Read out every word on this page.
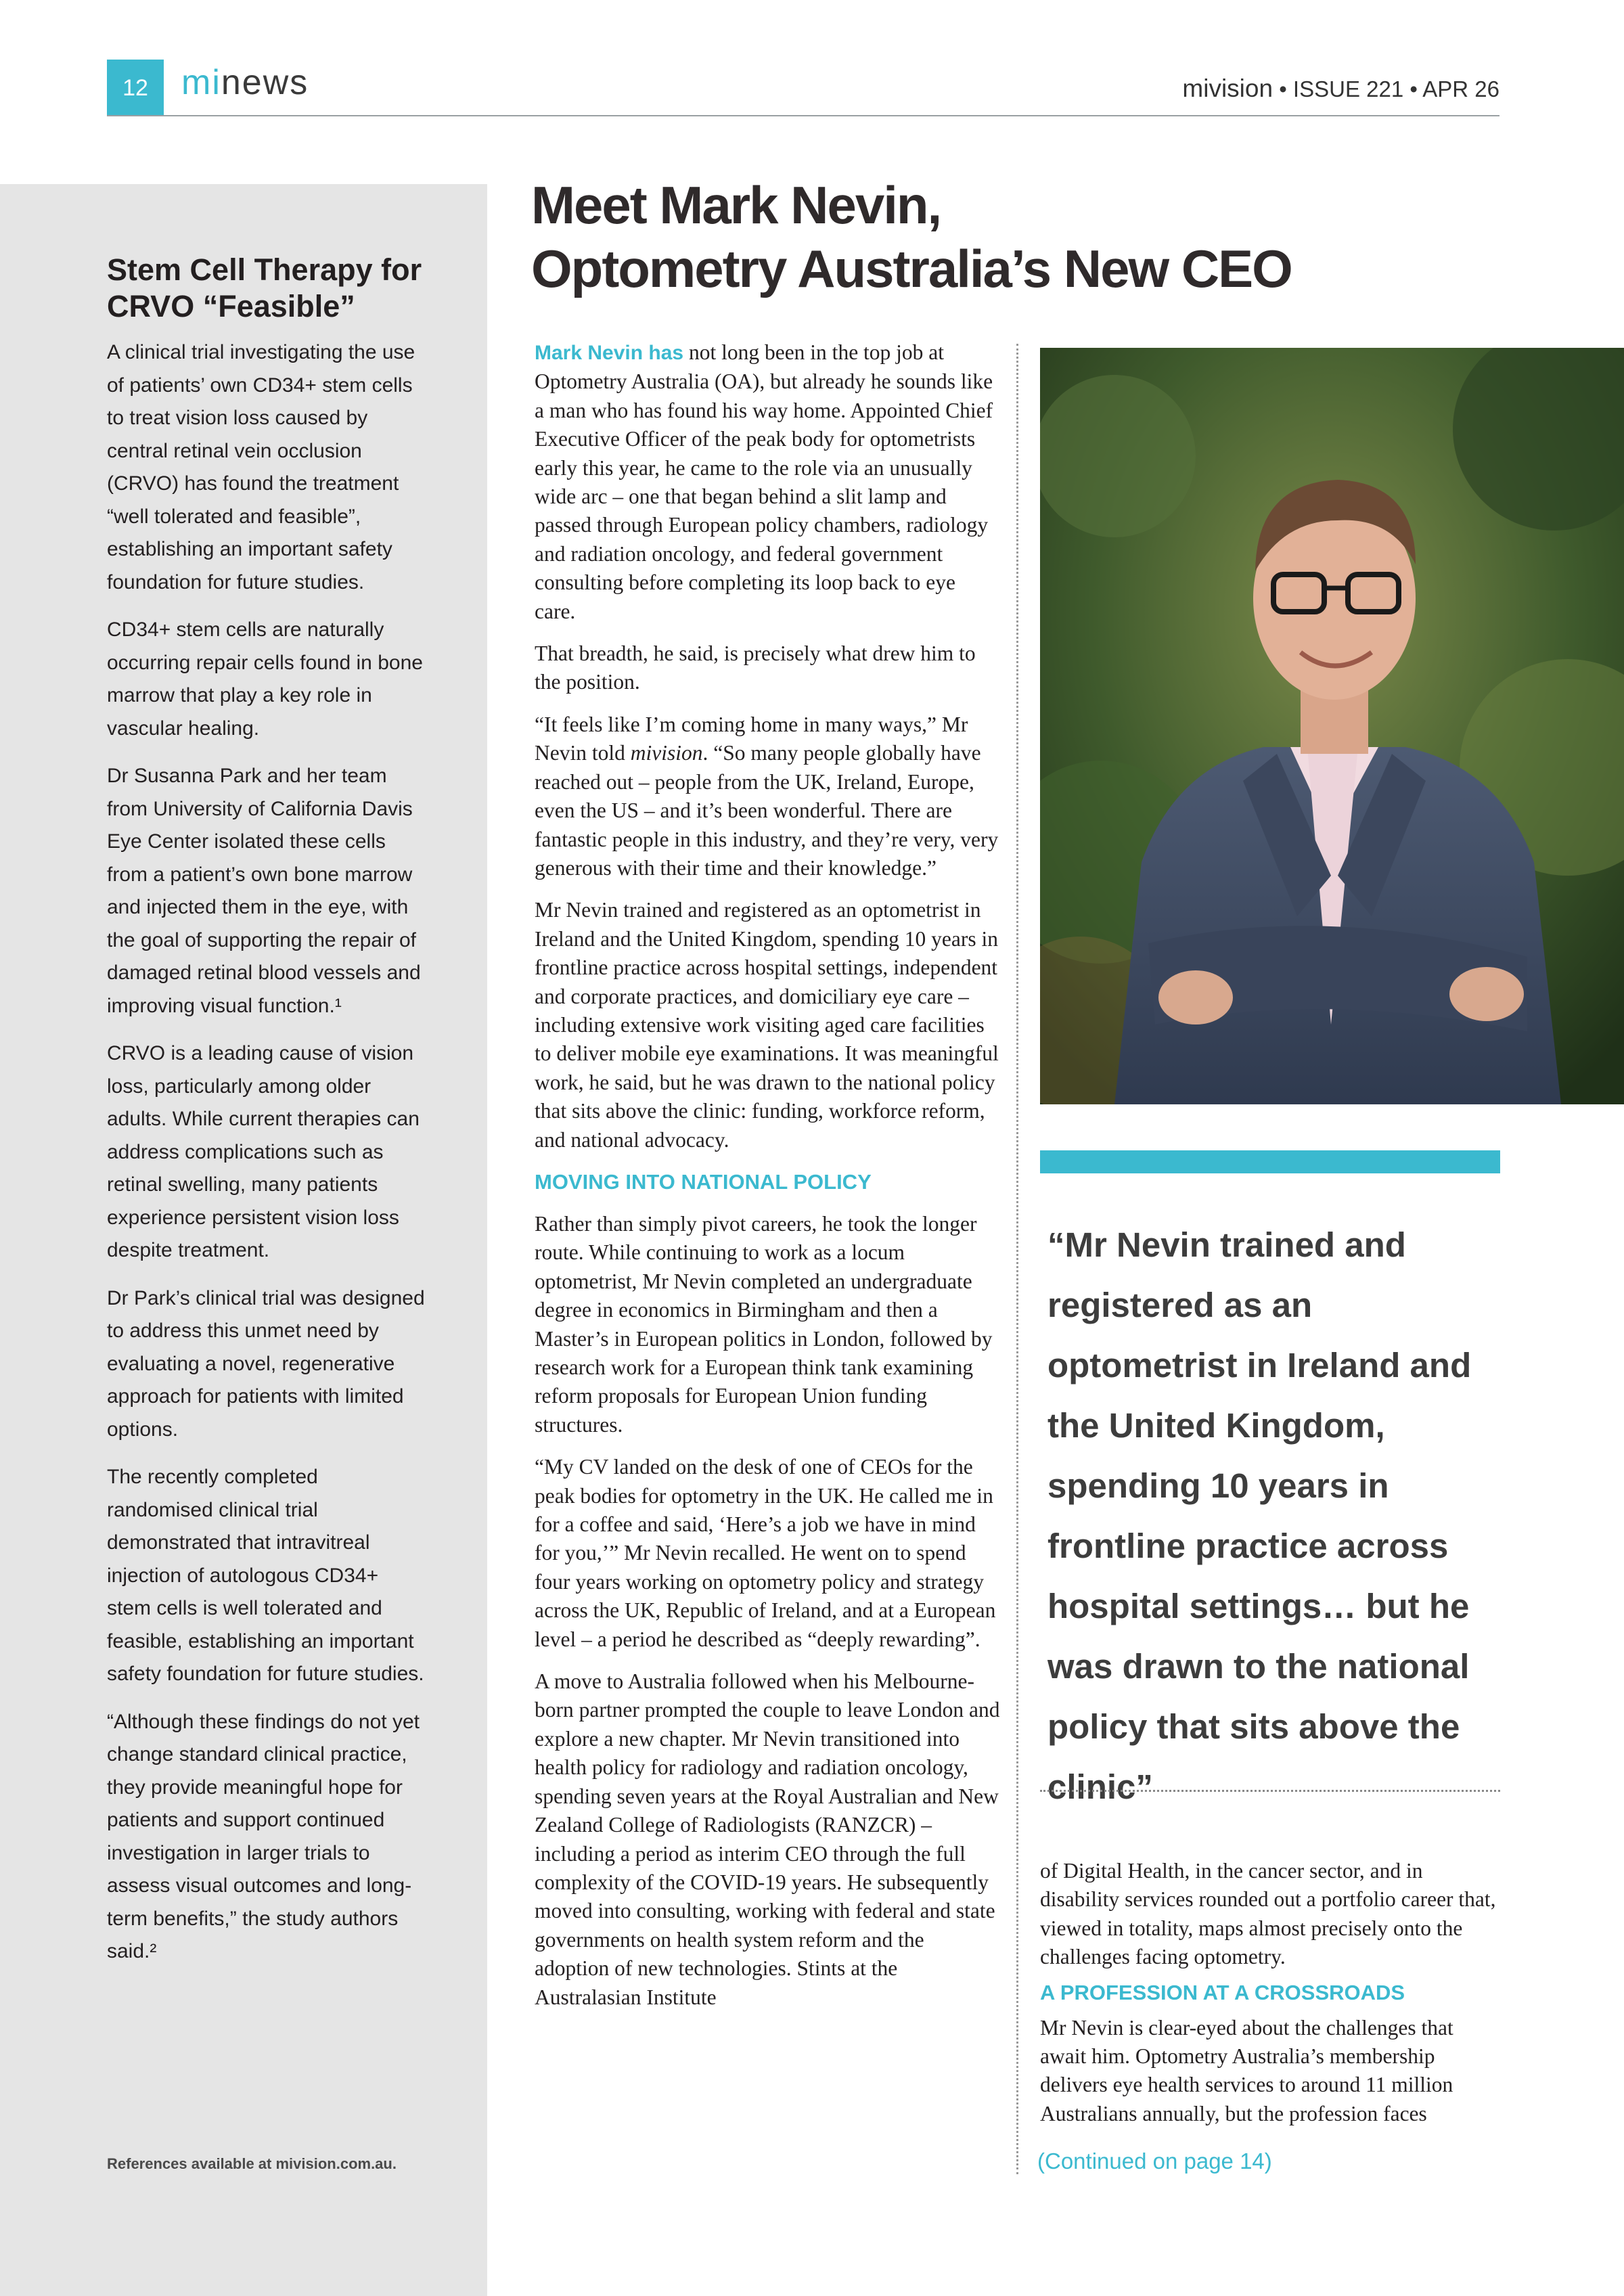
12 minews	mivision • ISSUE 221 • APR 26
Stem Cell Therapy for CRVO “Feasible”

A clinical trial investigating the use of patients’ own CD34+ stem cells to treat vision loss caused by central retinal vein occlusion (CRVO) has found the treatment “well tolerated and feasible”, establishing an important safety foundation for future studies.

CD34+ stem cells are naturally occurring repair cells found in bone marrow that play a key role in vascular healing.

Dr Susanna Park and her team from University of California Davis Eye Center isolated these cells from a patient’s own bone marrow and injected them in the eye, with the goal of supporting the repair of damaged retinal blood vessels and improving visual function.¹

CRVO is a leading cause of vision loss, particularly among older adults. While current therapies can address complications such as retinal swelling, many patients experience persistent vision loss despite treatment.

Dr Park’s clinical trial was designed to address this unmet need by evaluating a novel, regenerative approach for patients with limited options.

The recently completed randomised clinical trial demonstrated that intravitreal injection of autologous CD34+ stem cells is well tolerated and feasible, establishing an important safety foundation for future studies.

“Although these findings do not yet change standard clinical practice, they provide meaningful hope for patients and support continued investigation in larger trials to assess visual outcomes and long-term benefits,” the study authors said.²

References available at mivision.com.au.
Meet Mark Nevin,
Optometry Australia’s New CEO

Mark Nevin has not long been in the top job at Optometry Australia (OA), but already he sounds like a man who has found his way home. Appointed Chief Executive Officer of the peak body for optometrists early this year, he came to the role via an unusually wide arc – one that began behind a slit lamp and passed through European policy chambers, radiology and radiation oncology, and federal government consulting before completing its loop back to eye care.

That breadth, he said, is precisely what drew him to the position.

“It feels like I’m coming home in many ways,” Mr Nevin told mivision. “So many people globally have reached out – people from the UK, Ireland, Europe, even the US – and it’s been wonderful. There are fantastic people in this industry, and they’re very, very generous with their time and their knowledge.”

Mr Nevin trained and registered as an optometrist in Ireland and the United Kingdom, spending 10 years in frontline practice across hospital settings, independent and corporate practices, and domiciliary eye care – including extensive work visiting aged care facilities to deliver mobile eye examinations. It was meaningful work, he said, but he was drawn to the national policy that sits above the clinic: funding, workforce reform, and national advocacy.

MOVING INTO NATIONAL POLICY

Rather than simply pivot careers, he took the longer route. While continuing to work as a locum optometrist, Mr Nevin completed an undergraduate degree in economics in Birmingham and then a Master’s in European politics in London, followed by research work for a European think tank examining reform proposals for European Union funding structures.

“My CV landed on the desk of one of CEOs for the peak bodies for optometry in the UK. He called me in for a coffee and said, ‘Here’s a job we have in mind for you,’” Mr Nevin recalled. He went on to spend four years working on optometry policy and strategy across the UK, Republic of Ireland, and at a European level – a period he described as “deeply rewarding”.

A move to Australia followed when his Melbourne-born partner prompted the couple to leave London and explore a new chapter. Mr Nevin transitioned into health policy for radiology and radiation oncology, spending seven years at the Royal Australian and New Zealand College of Radiologists (RANZCR) – including a period as interim CEO through the full complexity of the COVID-19 years. He subsequently moved into consulting, working with federal and state governments on health system reform and the adoption of new technologies. Stints at the Australasian Institute

“Mr Nevin trained and registered as an optometrist in Ireland and the United Kingdom, spending 10 years in frontline practice across hospital settings… but he was drawn to the national policy that sits above the clinic”

of Digital Health, in the cancer sector, and in disability services rounded out a portfolio career that, viewed in totality, maps almost precisely onto the challenges facing optometry.

A PROFESSION AT A CROSSROADS

Mr Nevin is clear-eyed about the challenges that await him. Optometry Australia’s membership delivers eye health services to around 11 million Australians annually, but the profession faces

(Continued on page 14)
